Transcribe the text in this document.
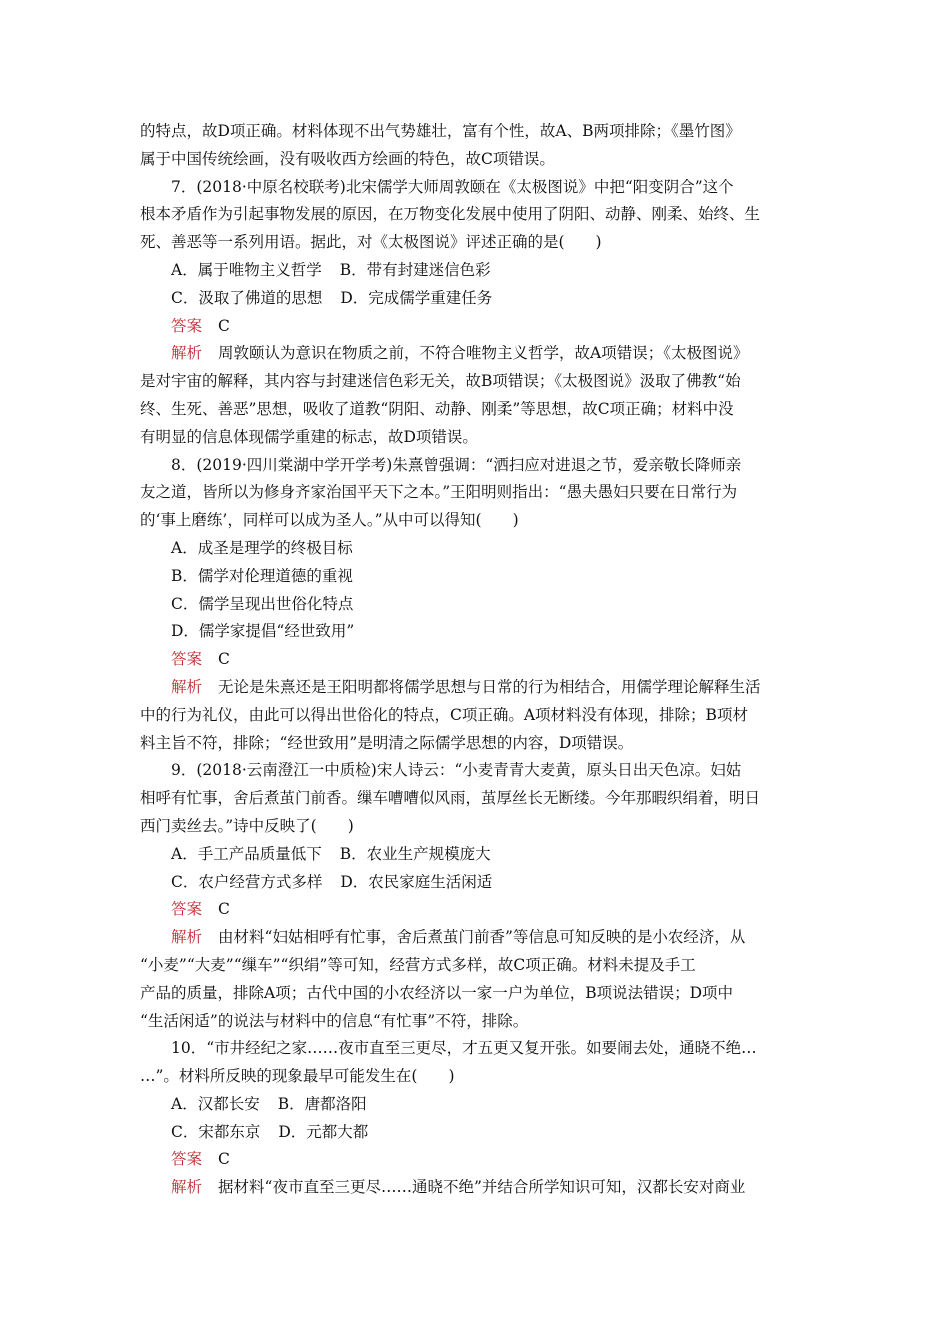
的特点，故D项正确。材料体现不出气势雄壮，富有个性，故A、B两项排除；《墨竹图》
属于中国传统绘画，没有吸收西方绘画的特色，故C项错误。
7．(2018·中原名校联考)北宋儒学大师周敦颐在《太极图说》中把“阳变阴合”这个
根本矛盾作为引起事物发展的原因，在万物变化发展中使用了阴阳、动静、刚柔、始终、生
死、善恶等一系列用语。据此，对《太极图说》评述正确的是(　　)
A．属于唯物主义哲学 B．带有封建迷信色彩
C．汲取了佛道的思想 D．完成儒学重建任务
答案 C
解析 周敦颐认为意识在物质之前，不符合唯物主义哲学，故A项错误；《太极图说》
是对宇宙的解释，其内容与封建迷信色彩无关，故B项错误；《太极图说》汲取了佛教“始
终、生死、善恶”思想，吸收了道教“阴阳、动静、刚柔”等思想，故C项正确；材料中没
有明显的信息体现儒学重建的标志，故D项错误。
8．(2019·四川棠湖中学开学考)朱熹曾强调：“洒扫应对进退之节，爱亲敬长降师亲
友之道，皆所以为修身齐家治国平天下之本。”王阳明则指出：“愚夫愚妇只要在日常行为
的‘事上磨练’，同样可以成为圣人。”从中可以得知(　　)
A．成圣是理学的终极目标
B．儒学对伦理道德的重视
C．儒学呈现出世俗化特点
D．儒学家提倡“经世致用”
答案 C
解析 无论是朱熹还是王阳明都将儒学思想与日常的行为相结合，用儒学理论解释生活
中的行为礼仪，由此可以得出世俗化的特点，C项正确。A项材料没有体现，排除；B项材
料主旨不符，排除；“经世致用”是明清之际儒学思想的内容，D项错误。
9．(2018·云南澄江一中质检)宋人诗云：“小麦青青大麦黄，原头日出天色凉。妇姑
相呼有忙事，舍后煮茧门前香。缫车嘈嘈似风雨，茧厚丝长无断缕。今年那暇织绢着，明日
西门卖丝去。”诗中反映了(　　)
A．手工产品质量低下 B．农业生产规模庞大
C．农户经营方式多样 D．农民家庭生活闲适
答案 C
解析 由材料“妇姑相呼有忙事，舍后煮茧门前香”等信息可知反映的是小农经济，从
“小麦”“大麦”“缫车”“织绢”等可知，经营方式多样，故C项正确。材料未提及手工
产品的质量，排除A项；古代中国的小农经济以一家一户为单位，B项说法错误；D项中
“生活闲适”的说法与材料中的信息“有忙事”不符，排除。
10．“市井经纪之家……夜市直至三更尽，才五更又复开张。如要闹去处，通晓不绝…
…”。材料所反映的现象最早可能发生在(　　)
A．汉都长安 B．唐都洛阳
C．宋都东京 D．元都大都
答案 C
解析 据材料“夜市直至三更尽……通晓不绝”并结合所学知识可知，汉都长安对商业
